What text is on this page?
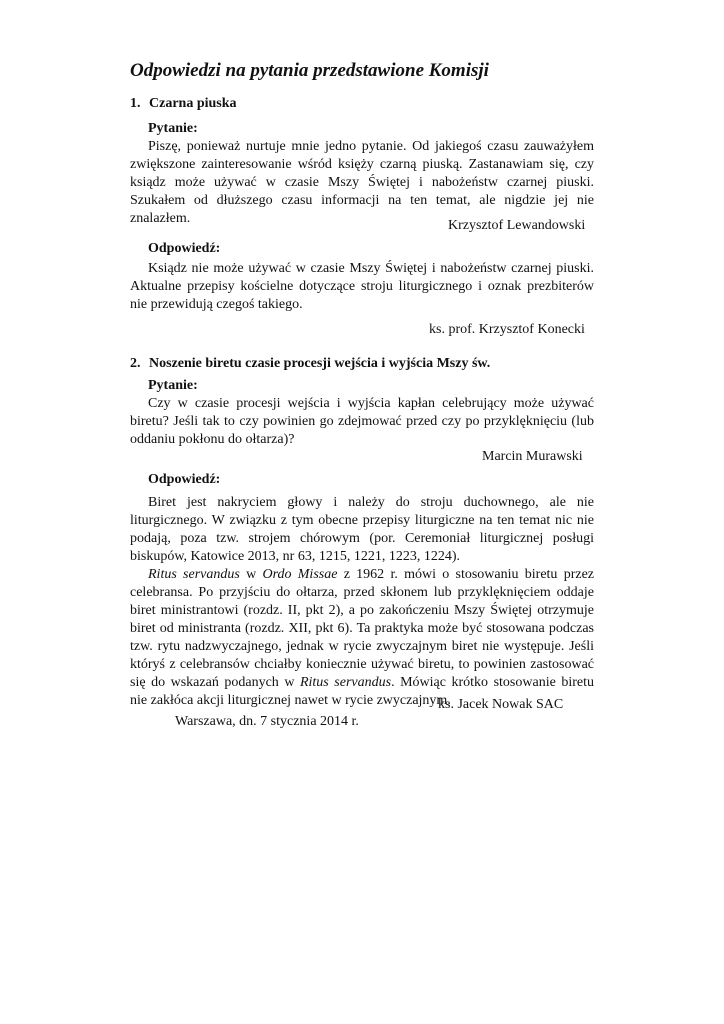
Odpowiedzi na pytania przedstawione Komisji
1. Czarna piuska
Pytanie:

Piszę, ponieważ nurtuje mnie jedno pytanie. Od jakiegoś czasu zauważyłem zwiększone zainteresowanie wśród księży czarną piuską. Zastanawiam się, czy ksiądz może używać w czasie Mszy Świętej i nabożeństw czarnej piuski. Szukałem od dłuższego czasu informacji na ten temat, ale nigdzie jej nie znalazłem.	Krzysztof Lewandowski
Odpowiedź:

Ksiądz nie może używać w czasie Mszy Świętej i nabożeństw czarnej piuski. Aktualne przepisy kościelne dotyczące stroju liturgicznego i oznak prezbiterów nie przewidują czegoś takiego.

ks. prof. Krzysztof Konecki
2. Noszenie biretu czasie procesji wejścia i wyjścia Mszy św.
Pytanie:

Czy w czasie procesji wejścia i wyjścia kapłan celebrujący może używać biretu? Jeśli tak to czy powinien go zdejmować przed czy po przyklęknięciu (lub oddaniu pokłonu do ołtarza)?

Marcin Murawski
Odpowiedź:

Biret jest nakryciem głowy i należy do stroju duchownego, ale nie liturgicznego. W związku z tym obecne przepisy liturgiczne na ten temat nic nie podają, poza tzw. strojem chórowym (por. Ceremoniał liturgicznej posługi biskupów, Katowice 2013, nr 63, 1215, 1221, 1223, 1224).

Ritus servandus w Ordo Missae z 1962 r. mówi o stosowaniu biretu przez celebransa. Po przyjściu do ołtarza, przed skłonem lub przyklęknięciem oddaje biret ministrantowi (rozdz. II, pkt 2), a po zakończeniu Mszy Świętej otrzymuje biret od ministranta (rozdz. XII, pkt 6). Ta praktyka może być stosowana podczas tzw. rytu nadzwyczajnego, jednak w rycie zwyczajnym biret nie występuje. Jeśli któryś z celebransów chciałby koniecznie używać biretu, to powinien zastosować się do wskazań podanych w Ritus servandus. Mówiąc krótko stosowanie biretu nie zakłóca akcji liturgicznej nawet w rycie zwyczajnym.

ks. Jacek Nowak SAC
Warszawa, dn. 7 stycznia 2014 r.
